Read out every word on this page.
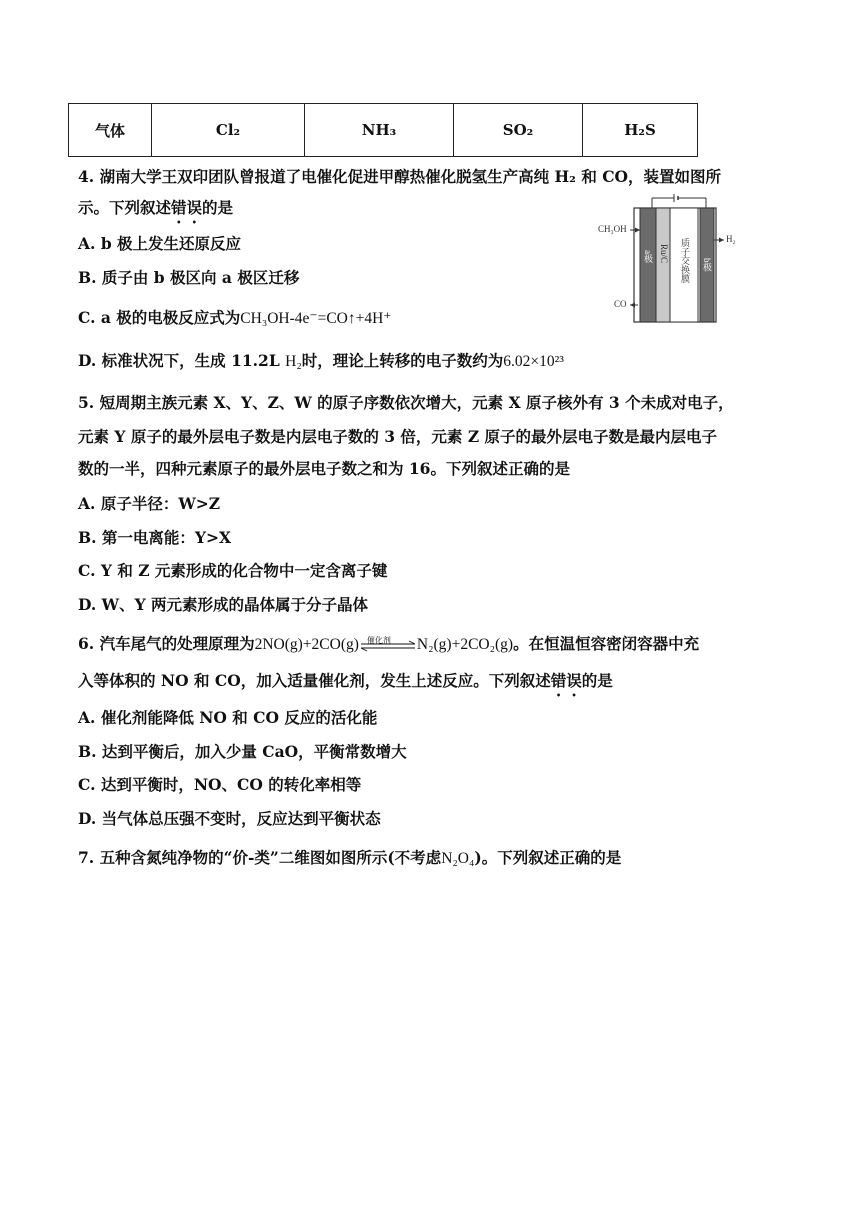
气体	Cl₂	NH₃	SO₂	H₂S
4. 湖南大学王双印团队曾报道了电催化促进甲醇热催化脱氢生产高纯 H₂ 和 CO，装置如图所
示。下列叙述错误的是
A. b 极上发生还原反应
B. 质子由 b 极区向 a 极区迁移
C. a 极的电极反应式为CH₃OH-4e⁻=CO↑+4H⁺
D. 标准状况下，生成 11.2L H₂时，理论上转移的电子数约为6.02×10²³
CH₃OH
CO
H₂
a极 Ru/C 质子交换膜 b极
5. 短周期主族元素 X、Y、Z、W 的原子序数依次增大，元素 X 原子核外有 3 个未成对电子，
元素 Y 原子的最外层电子数是内层电子数的 3 倍，元素 Z 原子的最外层电子数是最内层电子
数的一半，四种元素原子的最外层电子数之和为 16。下列叙述正确的是
A. 原子半径：W>Z
B. 第一电离能：Y>X
C. Y 和 Z 元素形成的化合物中一定含离子键
D. W、Y 两元素形成的晶体属于分子晶体
6. 汽车尾气的处理原理为2NO(g)+2CO(g) 催化剂 N₂(g)+2CO₂(g)。在恒温恒容密闭容器中充
入等体积的 NO 和 CO，加入适量催化剂，发生上述反应。下列叙述错误的是
A. 催化剂能降低 NO 和 CO 反应的活化能
B. 达到平衡后，加入少量 CaO，平衡常数增大
C. 达到平衡时，NO、CO 的转化率相等
D. 当气体总压强不变时，反应达到平衡状态
7. 五种含氮纯净物的“价-类”二维图如图所示(不考虑N₂O₄)。下列叙述正确的是
